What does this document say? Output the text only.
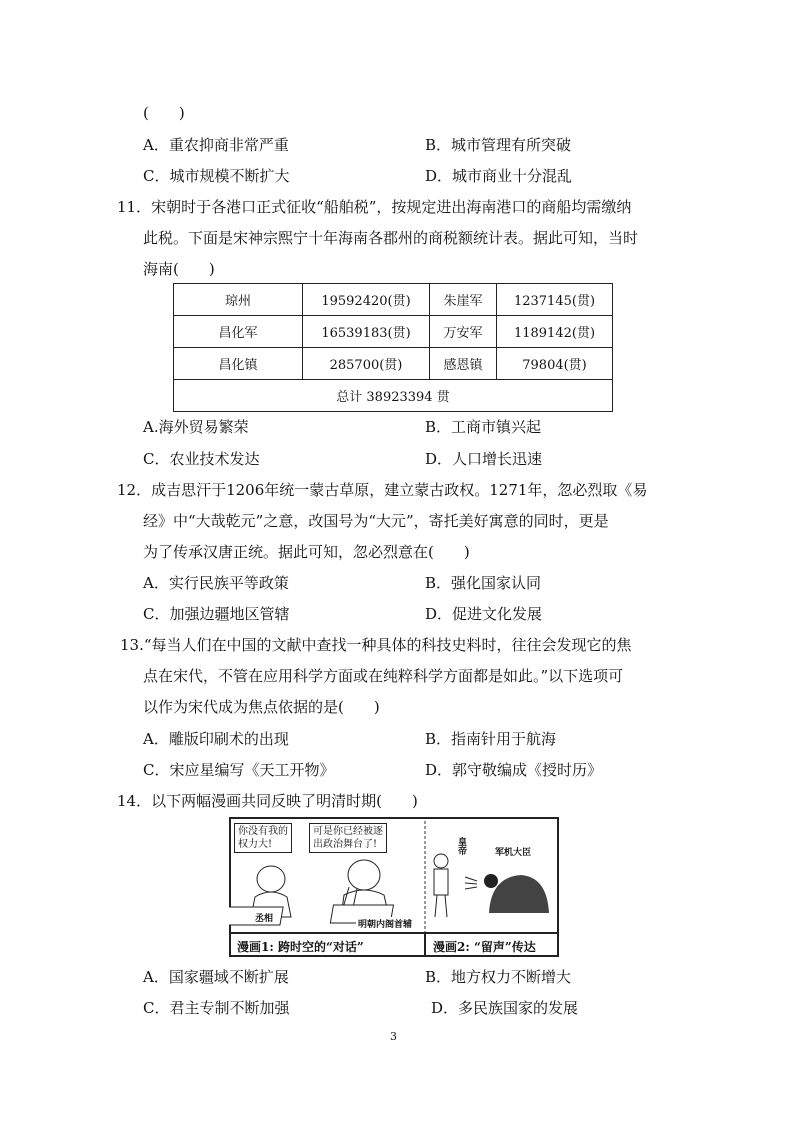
(　　)
A．重农抑商非常严重	B．城市管理有所突破
C．城市规模不断扩大	D．城市商业十分混乱
11．宋朝时于各港口正式征收“船舶税”，按规定进出海南港口的商船均需缴纳
此税。下面是宋神宗熙宁十年海南各郡州的商税额统计表。据此可知，当时
海南(　　)
琼州	19592420(贯)	朱崖军	1237145(贯)
昌化军	16539183(贯)	万安军	1189142(贯)
昌化镇	285700(贯)	感恩镇	79804(贯)
总计 38923394 贯			
A.海外贸易繁荣	B．工商市镇兴起
C．农业技术发达	D．人口增长迅速
12．成吉思汗于1206年统一蒙古草原，建立蒙古政权。1271年，忽必烈取《易
经》中“大哉乾元”之意，改国号为“大元”，寄托美好寓意的同时，更是
为了传承汉唐正统。据此可知，忽必烈意在(　　)
A．实行民族平等政策	B．强化国家认同
C．加强边疆地区管辖	D．促进文化发展
13.“每当人们在中国的文献中查找一种具体的科技史料时，往往会发现它的焦
点在宋代，不管在应用科学方面或在纯粹科学方面都是如此。”以下选项可
以作为宋代成为焦点依据的是(　　)
A．雕版印刷术的出现	B．指南针用于航海
C．宋应星编写《天工开物》	D．郭守敬编成《授时历》
14．以下两幅漫画共同反映了明清时期(　　)
你没有我的
权力大!
可是你已经被逐
出政治舞台了!
丞相
明朝内阁首辅
皇帝	军机大臣
漫画1: 跨时空的“对话”	漫画2: “留声”传达
A．国家疆域不断扩展	B．地方权力不断增大
C．君主专制不断加强	D．多民族国家的发展
3
